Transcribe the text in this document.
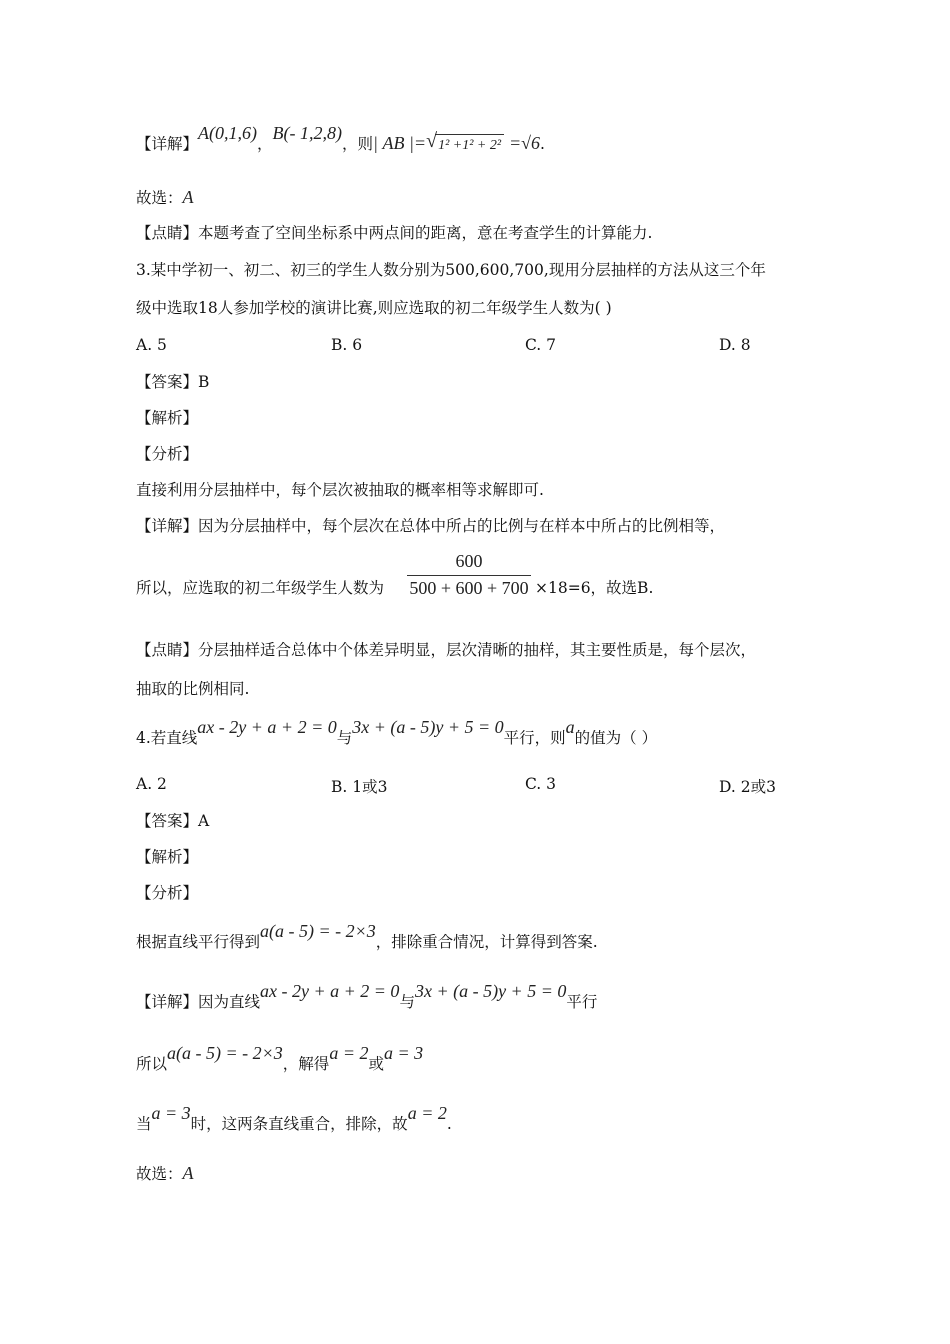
【详解】A(0,1,6)，B(- 1,2,8)，则| AB |= √ 1² +1² + 2² =√6.
故选：A
【点睛】本题考查了空间坐标系中两点间的距离，意在考查学生的计算能力.
3.某中学初一、初二、初三的学生人数分别为500,600,700,现用分层抽样的方法从这三个年
级中选取18人参加学校的演讲比赛,则应选取的初二年级学生人数为( )
A. 5	B. 6	C. 7	D. 8
【答案】B
【解析】
【分析】
直接利用分层抽样中，每个层次被抽取的概率相等求解即可.
【详解】因为分层抽样中，每个层次在总体中所占的比例与在样本中所占的比例相等，
所以，应选取的初二年级学生人数为 $\frac{600}{500 + 600 + 700} \times 18=6$，故选B.
【点睛】分层抽样适合总体中个体差异明显，层次清晰的抽样，其主要性质是，每个层次，
抽取的比例相同.
4.若直线ax - 2y + a + 2 = 0与3x + (a - 5)y + 5 = 0平行，则a的值为（ ）
A. 2	B. 1或3	C. 3	D. 2或3
【答案】A
【解析】
【分析】
根据直线平行得到a(a - 5) = - 2×3，排除重合情况，计算得到答案.
【详解】因为直线ax - 2y + a + 2 = 0与3x + (a - 5)y + 5 = 0平行
所以a(a - 5) = - 2×3，解得a = 2或a = 3
当a = 3时，这两条直线重合，排除，故a = 2.
故选：A
